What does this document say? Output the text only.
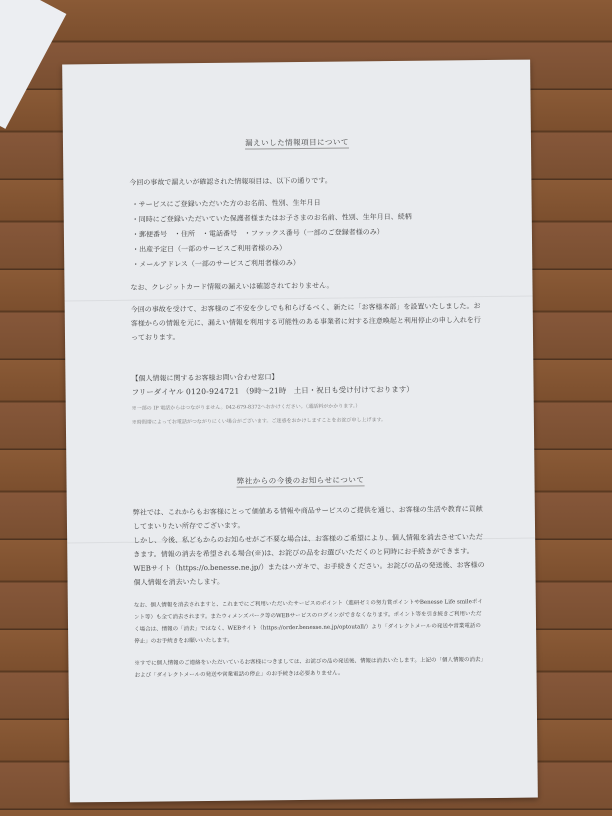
漏えいした情報項目について

今回の事故で漏えいが確認された情報項目は、以下の通りです。

・サービスにご登録いただいた方のお名前、性別、生年月日

・同時にご登録いただいていた保護者様またはお子さまのお名前、性別、生年月日、続柄

・郵便番号　・住所　・電話番号　・ファックス番号（一部のご登録者様のみ）

・出産予定日（一部のサービスご利用者様のみ）

・メールアドレス（一部のサービスご利用者様のみ）

なお、クレジットカード情報の漏えいは確認されておりません。

今回の事故を受けて、お客様のご不安を少しでも和らげるべく、新たに「お客様本部」を設置いたしました。お客様からの情報を元に、漏えい情報を利用する可能性のある事業者に対する注意喚起と利用停止の申し入れを行っております。

【個人情報に関するお客様お問い合わせ窓口】

フリーダイヤル 0120-924721 （9時～21時　土日・祝日も受け付けております）

※一部の IP 電話からはつながりません。042-679-8372へおかけください。（通話料がかかります。）

※時間帯によってお電話がつながりにくい場合がございます。ご迷惑をおかけしますことをお詫び申し上げます。

弊社からの今後のお知らせについて

弊社では、これからもお客様にとって価値ある情報や商品サービスのご提供を通じ、お客様の生活や教育に貢献してまいりたい所存でございます。

しかし、今後、私どもからのお知らせがご不要な場合は、お客様のご希望により、個人情報を消去させていただきます。情報の消去を希望される場合(※)は、お詫びの品をお選びいただくのと同時にお手続きができます。WEBサイト（https://o.benesse.ne.jp/）またはハガキで、お手続きください。お詫びの品の発送後、お客様の個人情報を消去いたします。

なお、個人情報を消去されますと、これまでにご利用いただいたサービスのポイント（進研ゼミの努力賞ポイントやBenesse Life smileポイント等）も全て消去されます。またウィメンズパーク等のWEBサービスのログインができなくなります。ポイント等を引き続きご利用いただく場合は、情報の「消去」ではなく、WEBサイト（https://order.benesse.ne.jp/optoutall/）より「ダイレクトメールの発送や営業電話の停止」のお手続きをお願いいたします。

※すでに個人情報のご連絡をいただいているお客様につきましては、お詫びの品の発送後、情報は消去いたします。上記の「個人情報の消去」および「ダイレクトメールの発送や営業電話の停止」のお手続きは必要ありません。
